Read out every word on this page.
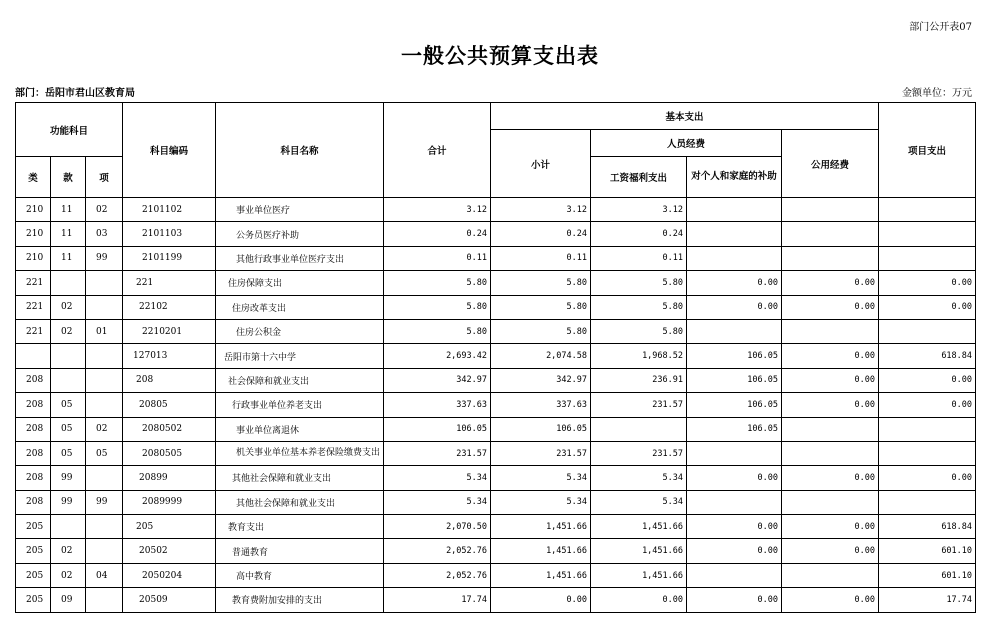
部门公开表07
一般公共预算支出表
部门：岳阳市君山区教育局	金额单位：万元
功能科目			科目编码	科目名称	合计	基本支出				项目支出
						小计	人员经费		公用经费	
类	款	项					工资福利支出	对个人和家庭的补助		
210	11	02	2101102	事业单位医疗	3.12	3.12	3.12			
210	11	03	2101103	公务员医疗补助	0.24	0.24	0.24			
210	11	99	2101199	其他行政事业单位医疗支出	0.11	0.11	0.11			
221			221	住房保障支出	5.80	5.80	5.80	0.00	0.00	0.00
221	02		22102	住房改革支出	5.80	5.80	5.80	0.00	0.00	0.00
221	02	01	2210201	住房公积金	5.80	5.80	5.80			
			127013	岳阳市第十六中学	2,693.42	2,074.58	1,968.52	106.05	0.00	618.84
208			208	社会保障和就业支出	342.97	342.97	236.91	106.05	0.00	0.00
208	05		20805	行政事业单位养老支出	337.63	337.63	231.57	106.05	0.00	0.00
208	05	02	2080502	事业单位离退休	106.05	106.05		106.05		
208	05	05	2080505	机关事业单位基本养老保险缴费支出	231.57	231.57	231.57			
208	99		20899	其他社会保障和就业支出	5.34	5.34	5.34	0.00	0.00	0.00
208	99	99	2089999	其他社会保障和就业支出	5.34	5.34	5.34			
205			205	教育支出	2,070.50	1,451.66	1,451.66	0.00	0.00	618.84
205	02		20502	普通教育	2,052.76	1,451.66	1,451.66	0.00	0.00	601.10
205	02	04	2050204	高中教育	2,052.76	1,451.66	1,451.66			601.10
205	09		20509	教育费附加安排的支出	17.74	0.00	0.00	0.00	0.00	17.74
